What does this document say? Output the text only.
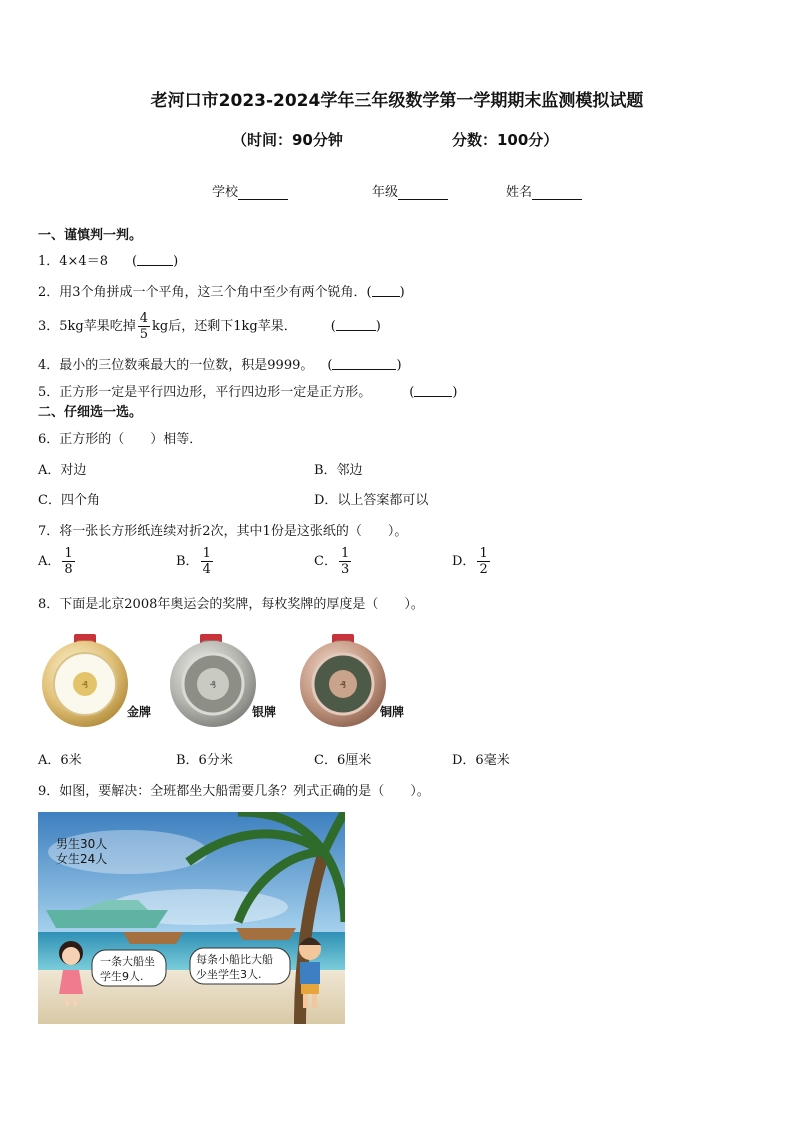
老河口市2023-2024学年三年级数学第一学期期末监测模拟试题
（时间：90分钟	分数：100分）
学校	年级	姓名
一、谨慎判一判。
1．4×4＝8 (	)
2．用3个角拼成一个平角，这三个角中至少有两个锐角．( )
3．5kg苹果吃掉 $\frac{4}{5}$ kg后，还剩下1kg苹果．	(	)
4．最小的三位数乘最大的一位数，积是9999。 (	)
5．正方形一定是平行四边形，平行四边形一定是正方形。	(	)
二、仔细选一选。
6．正方形的（　　）相等．
A．对边	B．邻边
C．四个角	D．以上答案都可以
7．将一张长方形纸连续对折2次，其中1份是这张纸的（　　）。
A． $\frac{1}{8}$	B． $\frac{1}{4}$	C． $\frac{1}{3}$	D． $\frac{1}{2}$
8．下面是北京2008年奥运会的奖牌，每枚奖牌的厚度是（　　）。
₰
金牌
₰
银牌
₰
铜牌
A．6米	B．6分米	C．6厘米	D．6毫米
9．如图，要解决：全班都坐大船需要几条？列式正确的是（　　）。
男生30人
女生24人
一条大船坐
学生9人.
每条小船比大船
少坐学生3人.
